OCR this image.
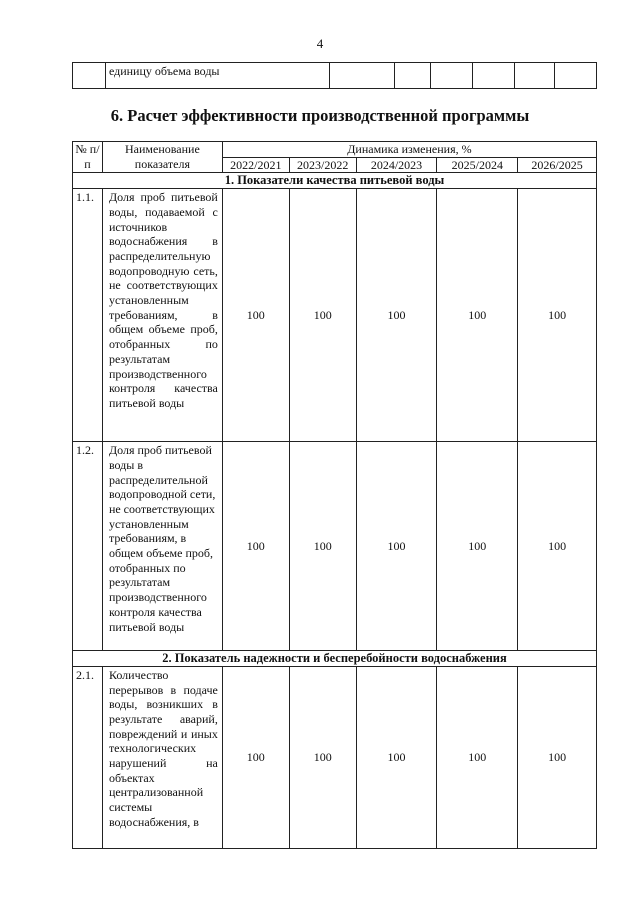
4
	единицу объема воды						
6. Расчет эффективности производственной программы
№ п/п	Наименование показателя	Динамика изменения, %				
		2022/2021	2023/2022	2024/2023	2025/2024	2026/2025
1. Показатели качества питьевой воды						
1.1.	Доля проб питьевой воды, подаваемой с источников водоснабжения в распределительную водопроводную сеть, не соответствующих установленным требованиям, в общем объеме проб, отобранных по результатам производственного контроля качества питьевой воды	100	100	100	100	100
1.2.	Доля проб питьевой воды в распределительной водопроводной сети, не соответствующих установленным требованиям, в общем объеме проб, отобранных по результатам производственного контроля качества питьевой воды	100	100	100	100	100
2. Показатель надежности и бесперебойности водоснабжения						
2.1.	Количество перерывов в подаче воды, возникших в результате аварий, повреждений и иных технологических нарушений на объектах централизованной системы водоснабжения, в	100	100	100	100	100
